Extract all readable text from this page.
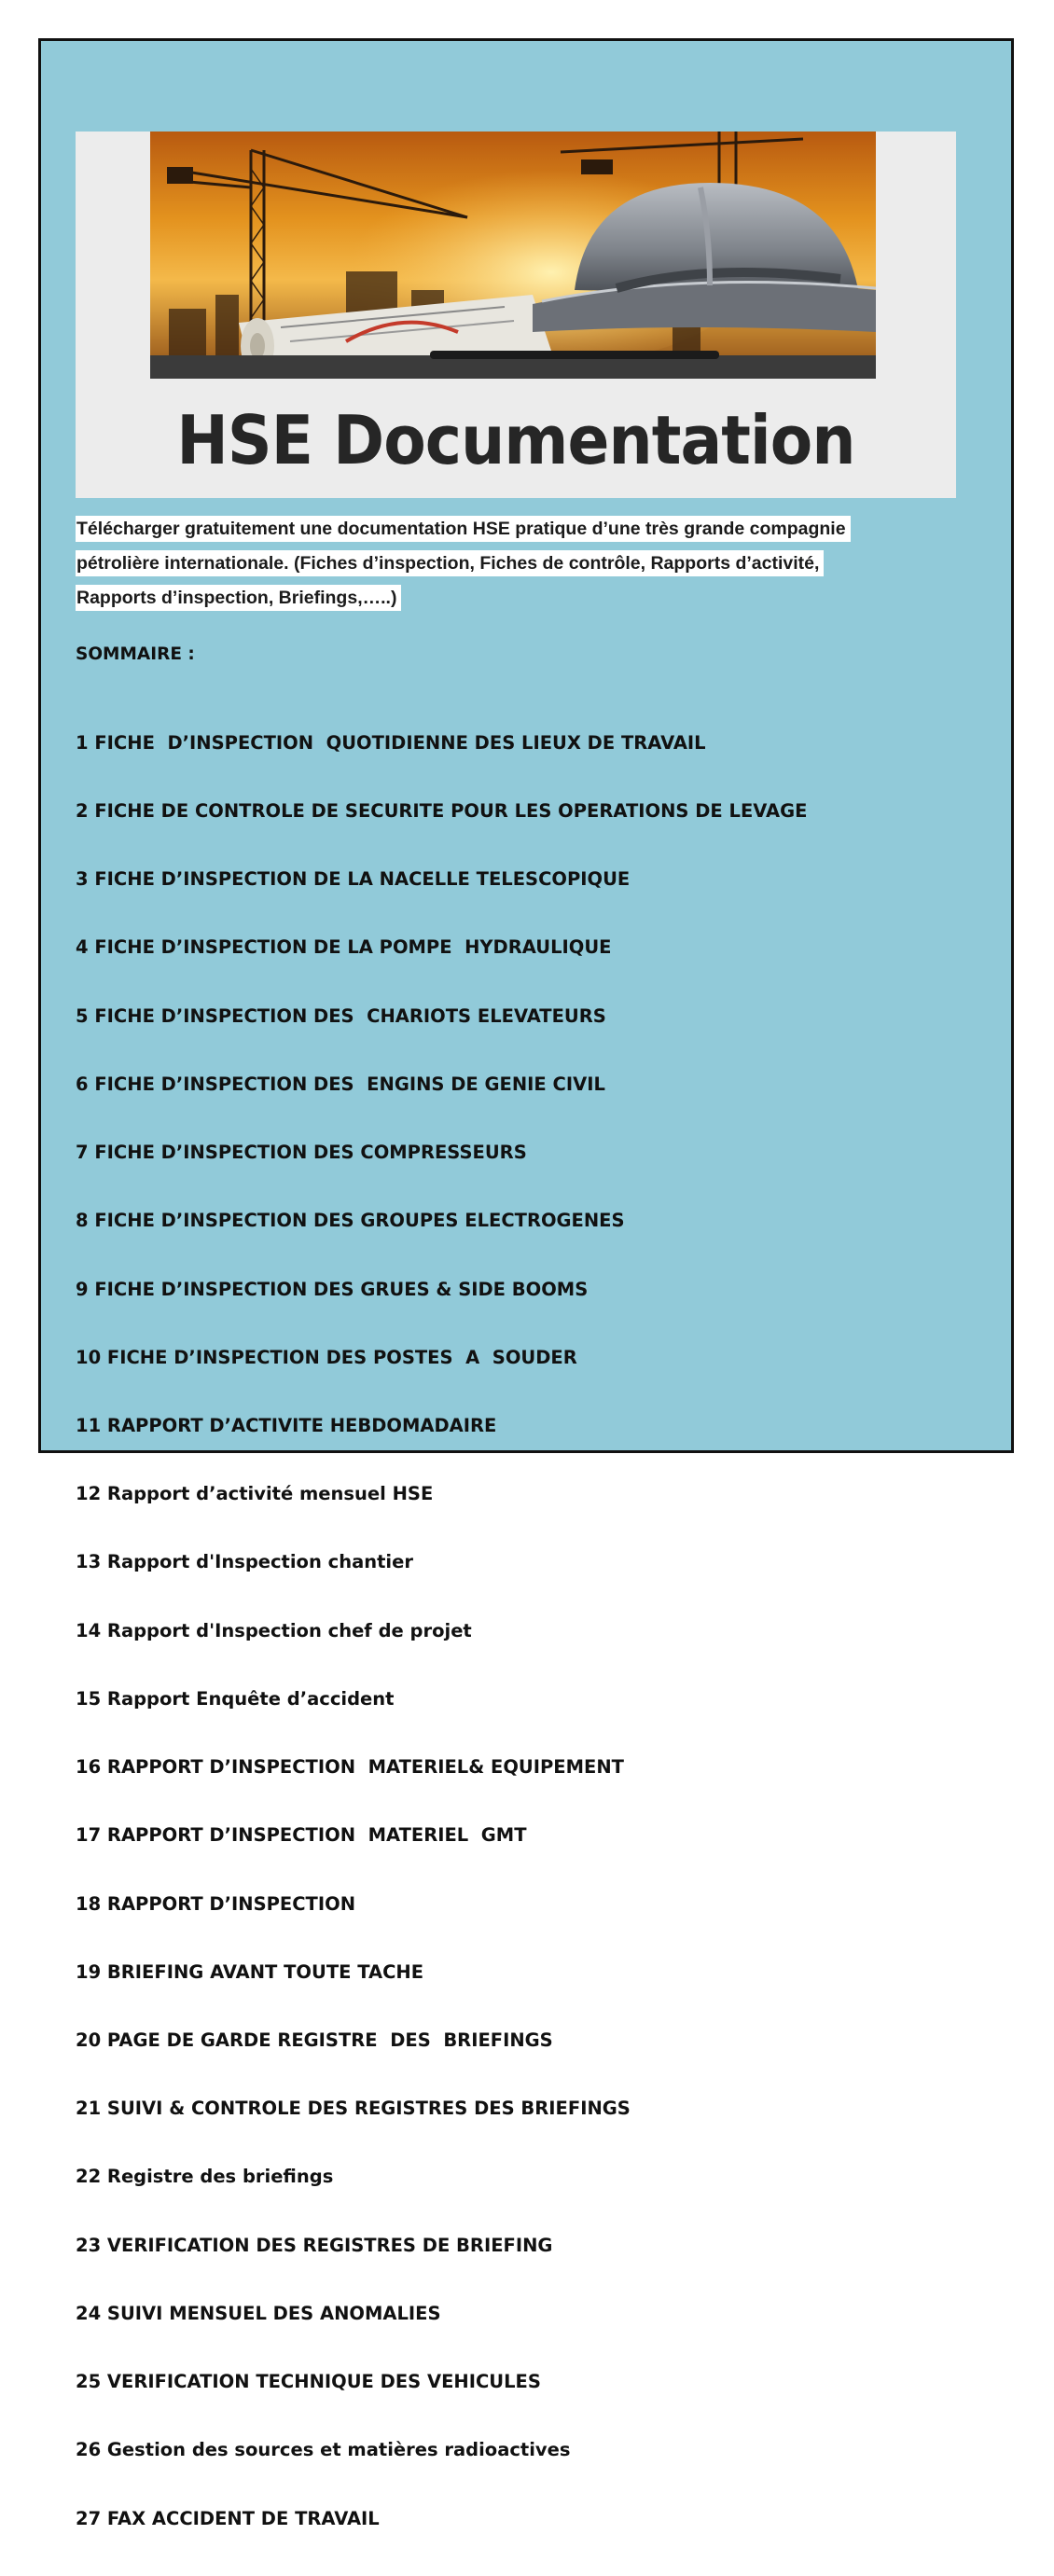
HSE Documentation
Télécharger gratuitement une documentation HSE pratique d’une très grande compagnie
pétrolière internationale. (Fiches d’inspection, Fiches de contrôle, Rapports d’activité,
Rapports d’inspection, Briefings,…..)
SOMMAIRE :

1 FICHE  D’INSPECTION  QUOTIDIENNE DES LIEUX DE TRAVAIL

2 FICHE DE CONTROLE DE SECURITE POUR LES OPERATIONS DE LEVAGE

3 FICHE D’INSPECTION DE LA NACELLE TELESCOPIQUE

4 FICHE D’INSPECTION DE LA POMPE  HYDRAULIQUE

5 FICHE D’INSPECTION DES  CHARIOTS ELEVATEURS

6 FICHE D’INSPECTION DES  ENGINS DE GENIE CIVIL

7 FICHE D’INSPECTION DES COMPRESSEURS

8 FICHE D’INSPECTION DES GROUPES ELECTROGENES

9 FICHE D’INSPECTION DES GRUES & SIDE BOOMS

10 FICHE D’INSPECTION DES POSTES  A  SOUDER

11 RAPPORT D’ACTIVITE HEBDOMADAIRE

12 Rapport d’activité mensuel HSE

13 Rapport d'Inspection chantier

14 Rapport d'Inspection chef de projet

15 Rapport Enquête d’accident

16 RAPPORT D’INSPECTION  MATERIEL& EQUIPEMENT

17 RAPPORT D’INSPECTION  MATERIEL  GMT

18 RAPPORT D’INSPECTION

19 BRIEFING AVANT TOUTE TACHE

20 PAGE DE GARDE REGISTRE  DES  BRIEFINGS

21 SUIVI & CONTROLE DES REGISTRES DES BRIEFINGS

22 Registre des briefings

23 VERIFICATION DES REGISTRES DE BRIEFING

24 SUIVI MENSUEL DES ANOMALIES

25 VERIFICATION TECHNIQUE DES VEHICULES

26 Gestion des sources et matières radioactives

27 FAX ACCIDENT DE TRAVAIL
